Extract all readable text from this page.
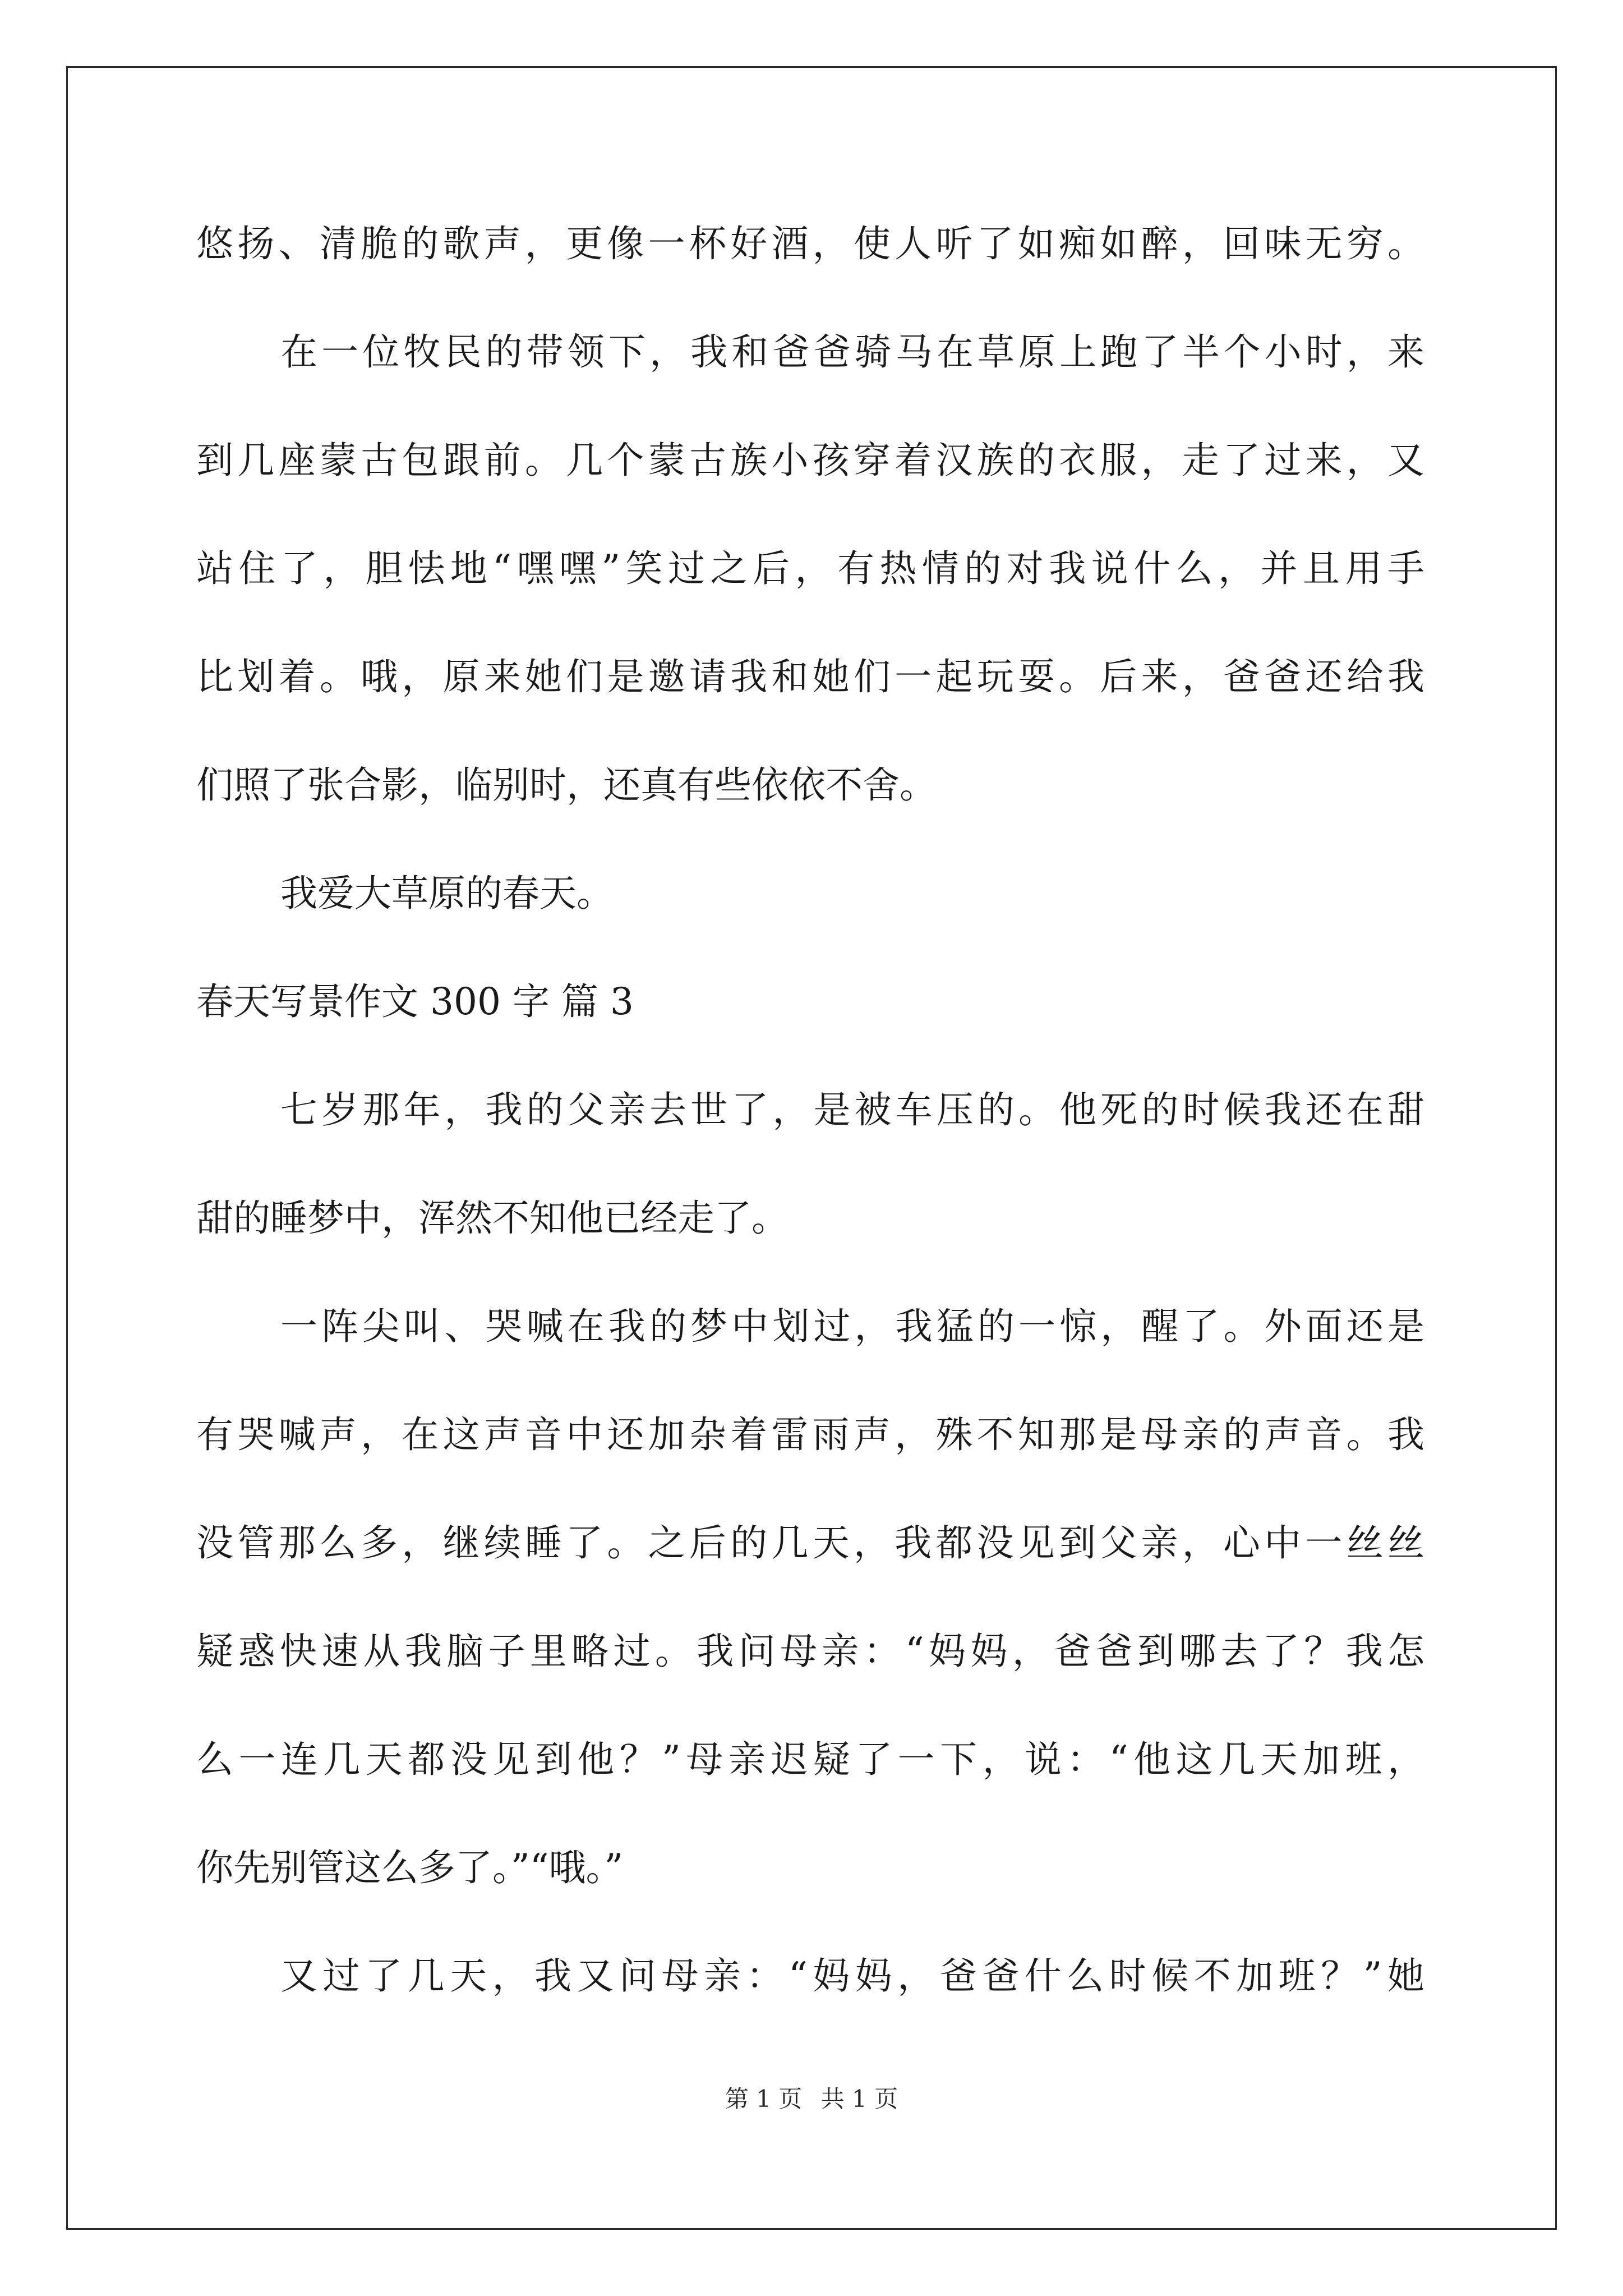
悠扬、清脆的歌声，更像一杯好酒，使人听了如痴如醉，回味无穷。
在一位牧民的带领下，我和爸爸骑马在草原上跑了半个小时，来
到几座蒙古包跟前。几个蒙古族小孩穿着汉族的衣服，走了过来，又
站住了，胆怯地“嘿嘿”笑过之后，有热情的对我说什么，并且用手
比划着。哦，原来她们是邀请我和她们一起玩耍。后来，爸爸还给我
们照了张合影，临别时，还真有些依依不舍。
我爱大草原的春天。
春天写景作文 300 字 篇 3
七岁那年，我的父亲去世了，是被车压的。他死的时候我还在甜
甜的睡梦中，浑然不知他已经走了。
一阵尖叫、哭喊在我的梦中划过，我猛的一惊，醒了。外面还是
有哭喊声，在这声音中还加杂着雷雨声，殊不知那是母亲的声音。我
没管那么多，继续睡了。之后的几天，我都没见到父亲，心中一丝丝
疑惑快速从我脑子里略过。我问母亲：“妈妈，爸爸到哪去了？我怎
么一连几天都没见到他？”母亲迟疑了一下，说：“他这几天加班，
你先别管这么多了。”“哦。”
又过了几天，我又问母亲：“妈妈，爸爸什么时候不加班？”她
第 1 页 共 1 页
